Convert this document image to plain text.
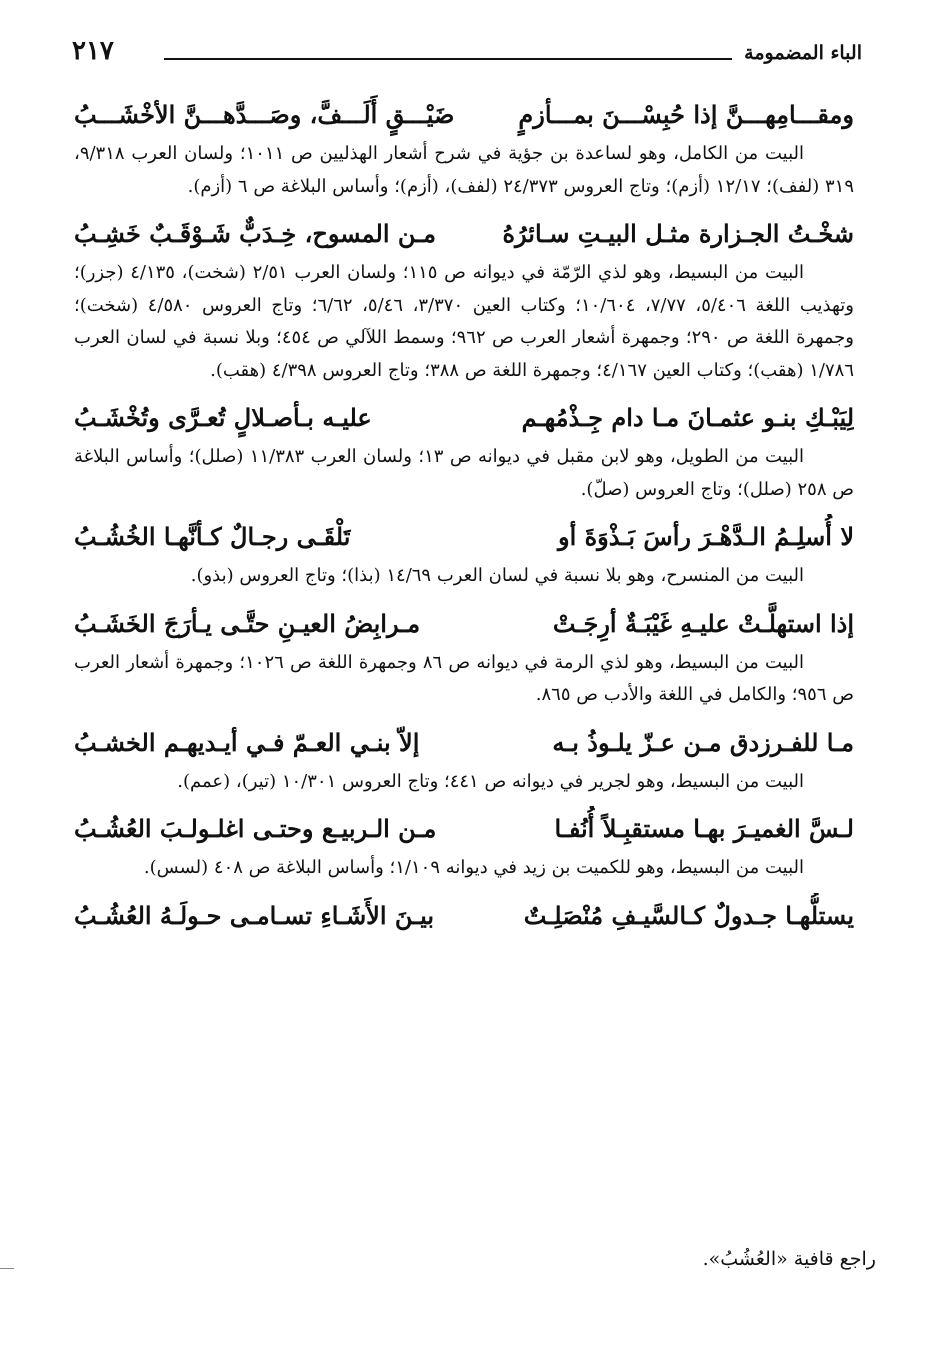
الباء المضمومة
٢١٧
ومقـــامِهـــنَّ إذا حُبِسْـــنَ بمـــأزمٍ
ضَيْـــقٍ أَلَـــفَّ، وصَـــدَّهـــنَّ الأخْشَـــبُ

البيت من الكامل، وهو لساعدة بن جؤية في شرح أشعار الهذليين ص ١٠١١؛ ولسان العرب ٩/٣١٨، ٣١٩ (لفف)؛ ١٢/١٧ (أزم)؛ وتاج العروس ٢٤/٣٧٣ (لفف)، (أزم)؛ وأساس البلاغة ص ٦ (أزم).

شخْـتُ الجـزارة مثـل البيـتِ سـائرُهُ
مـن المسوح، خِـدَبٌّ شَـوْقَـبٌ خَشِـبُ

البيت من البسيط، وهو لذي الرّمّة في ديوانه ص ١١٥؛ ولسان العرب ٢/٥١ (شخت)، ٤/١٣٥ (جزر)؛ وتهذيب اللغة ٥/٤٠٦، ٧/٧٧، ١٠/٦٠٤؛ وكتاب العين ٣/٣٧٠، ٥/٤٦، ٦/٦٢؛ وتاج العروس ٤/٥٨٠ (شخت)؛ وجمهرة اللغة ص ٢٩٠؛ وجمهرة أشعار العرب ص ٩٦٢؛ وسمط اللآلي ص ٤٥٤؛ وبلا نسبة في لسان العرب ١/٧٨٦ (هقب)؛ وكتاب العين ٤/١٦٧؛ وجمهرة اللغة ص ٣٨٨؛ وتاج العروس ٤/٣٩٨ (هقب).

لِيَبْـكِ بنـو عثمـانَ مـا دام جِـذْمُهـم
عليـه بـأصـلالٍ تُعـرَّى وتُخْشَـبُ

البيت من الطويل، وهو لابن مقبل في ديوانه ص ١٣؛ ولسان العرب ١١/٣٨٣ (صلل)؛ وأساس البلاغة ص ٢٥٨ (صلل)؛ وتاج العروس (صلّ).

لا أُسلِـمُ الـدَّهْـرَ رأسَ بَـذْوَةَ أو
تَلْقَـى رجـالٌ كـأنَّهـا الخُشُـبُ

البيت من المنسرح، وهو بلا نسبة في لسان العرب ١٤/٦٩ (بذا)؛ وتاج العروس (بذو).

إذا استهلَّـتْ عليـهِ غَيْبَـةٌ أرِجَـتْ
مـرابِضُ العيـنِ حتَّـى يـأرَجَ الخَشَـبُ

البيت من البسيط، وهو لذي الرمة في ديوانه ص ٨٦ وجمهرة اللغة ص ١٠٢٦؛ وجمهرة أشعار العرب ص ٩٥٦؛ والكامل في اللغة والأدب ص ٨٦٥.

مـا للفـرزدق مـن عـزّ يلـوذُ بـه
إلاّ بنـي العـمّ فـي أيـديهـم الخشـبُ

البيت من البسيط، وهو لجرير في ديوانه ص ٤٤١؛ وتاج العروس ١٠/٣٠١ (تير)، (عمم).

لـسَّ الغميـرَ بهـا مستقبِـلاً أُنُفـا
مـن الـربيـع وحتـى اغلـولـبَ العُشُـبُ

البيت من البسيط، وهو للكميت بن زيد في ديوانه ١/١٠٩؛ وأساس البلاغة ص ٤٠٨ (لسس).

يستلُّهـا جـدولٌ كـالسَّيـفِ مُنْصَلِـتٌ
بيـنَ الأَشَـاءِ تسـامـى حـولَـهُ العُشُـبُ
راجع قافية «العُشُبُ».
